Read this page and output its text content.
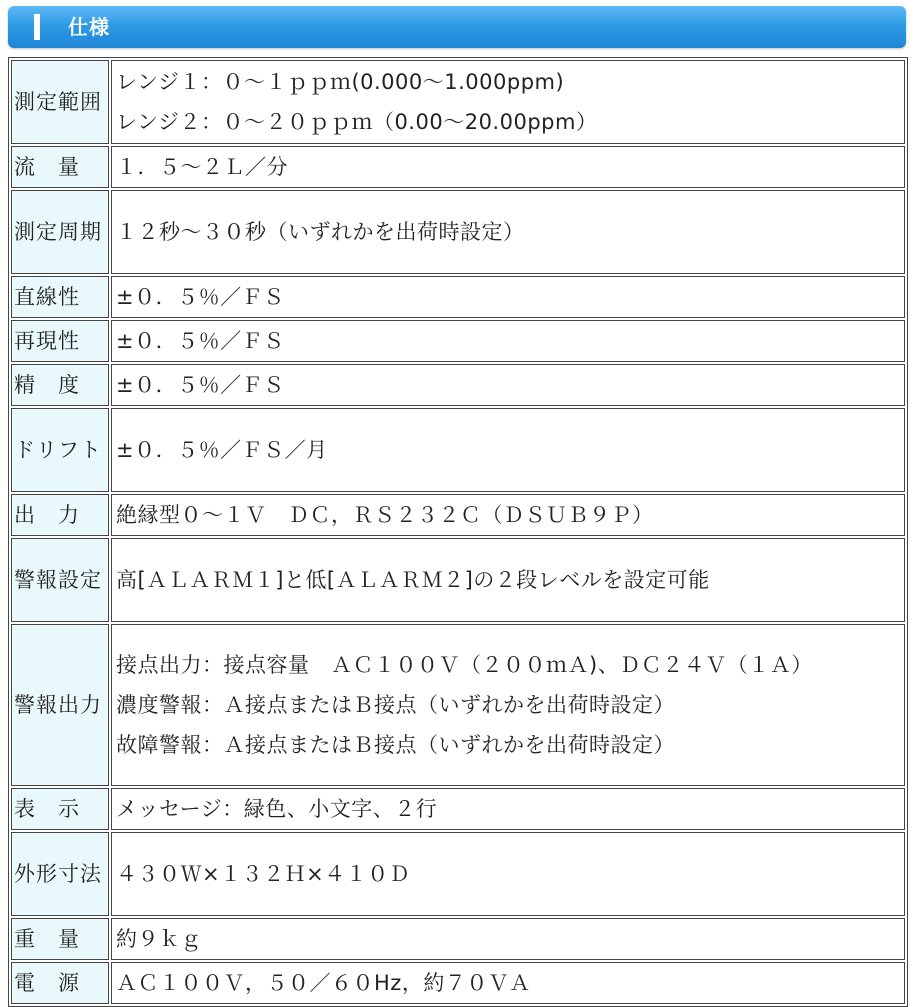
仕様
測定範囲	レンジ１：０～１ｐｐｍ(0.000～1.000ppm)
レンジ２：０～２０ｐｐｍ（0.00～20.00ppm）

流　量	１．５～２Ｌ／分

測定周期	１２秒～３０秒（いずれかを出荷時設定）

直線性	±０．５％／ＦＳ

再現性	±０．５％／ＦＳ

精　度	±０．５％／ＦＳ

ドリフト	±０．５％／ＦＳ／月

出　力	絶縁型０～１Ｖ　ＤＣ，ＲＳ２３２Ｃ（ＤＳＵＢ９Ｐ）

警報設定	高[ＡＬＡＲＭ１]と低[ＡＬＡＲＭ２]の２段レベルを設定可能

警報出力	接点出力：接点容量　ＡＣ１００Ｖ（２００ｍＡ)、ＤＣ２４Ｖ（１Ａ）
濃度警報：Ａ接点またはＢ接点（いずれかを出荷時設定）
故障警報：Ａ接点またはＢ接点（いずれかを出荷時設定）

表　示	メッセージ：緑色、小文字、２行

外形寸法	４３０Ｗ×１３２Ｈ×４１０Ｄ

重　量	約９ｋｇ

電　源	ＡＣ１００Ｖ，５０／６０Hz，約７０ＶＡ
